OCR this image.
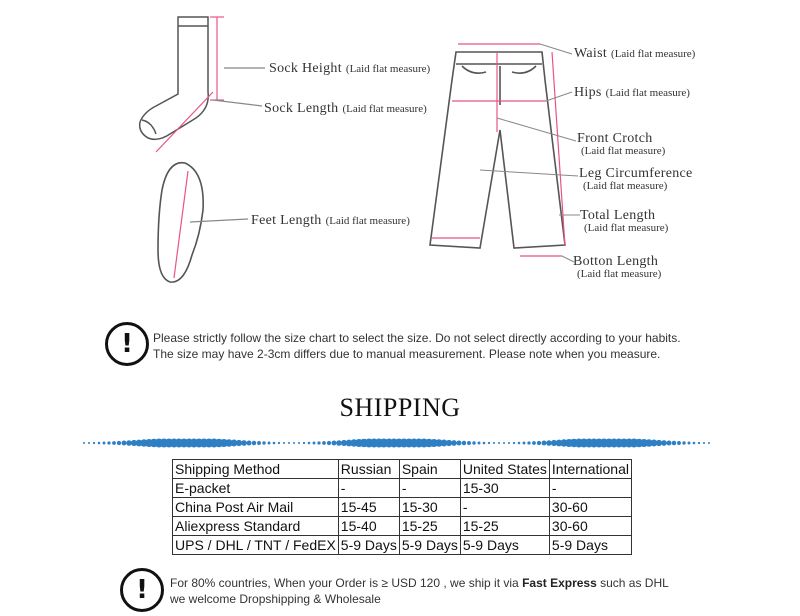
Sock Height (Laid flat measure)
Sock Length (Laid flat measure)
Feet Length (Laid flat measure)
Waist (Laid flat measure)
Hips (Laid flat measure)
Front Crotch
(Laid flat measure)
Leg Circumference
(Laid flat measure)
Total Length
(Laid flat measure)
Botton Length
(Laid flat measure)
!	Please strictly follow the size chart to select the size. Do not select directly according to your habits.
The size may have 2-3cm differs due to manual measurement. Please note when you measure.
SHIPPING
Shipping Method	Russian	Spain	United States	International
E-packet	-	-	15-30	-
China Post Air Mail	15-45	15-30	-	30-60
Aliexpress Standard	15-40	15-25	15-25	30-60
UPS / DHL / TNT / FedEX	5-9 Days	5-9 Days	5-9 Days	5-9 Days
!	For 80% countries, When your Order is ≥ USD 120 , we ship it via Fast Express such as DHL
we welcome Dropshipping & Wholesale
